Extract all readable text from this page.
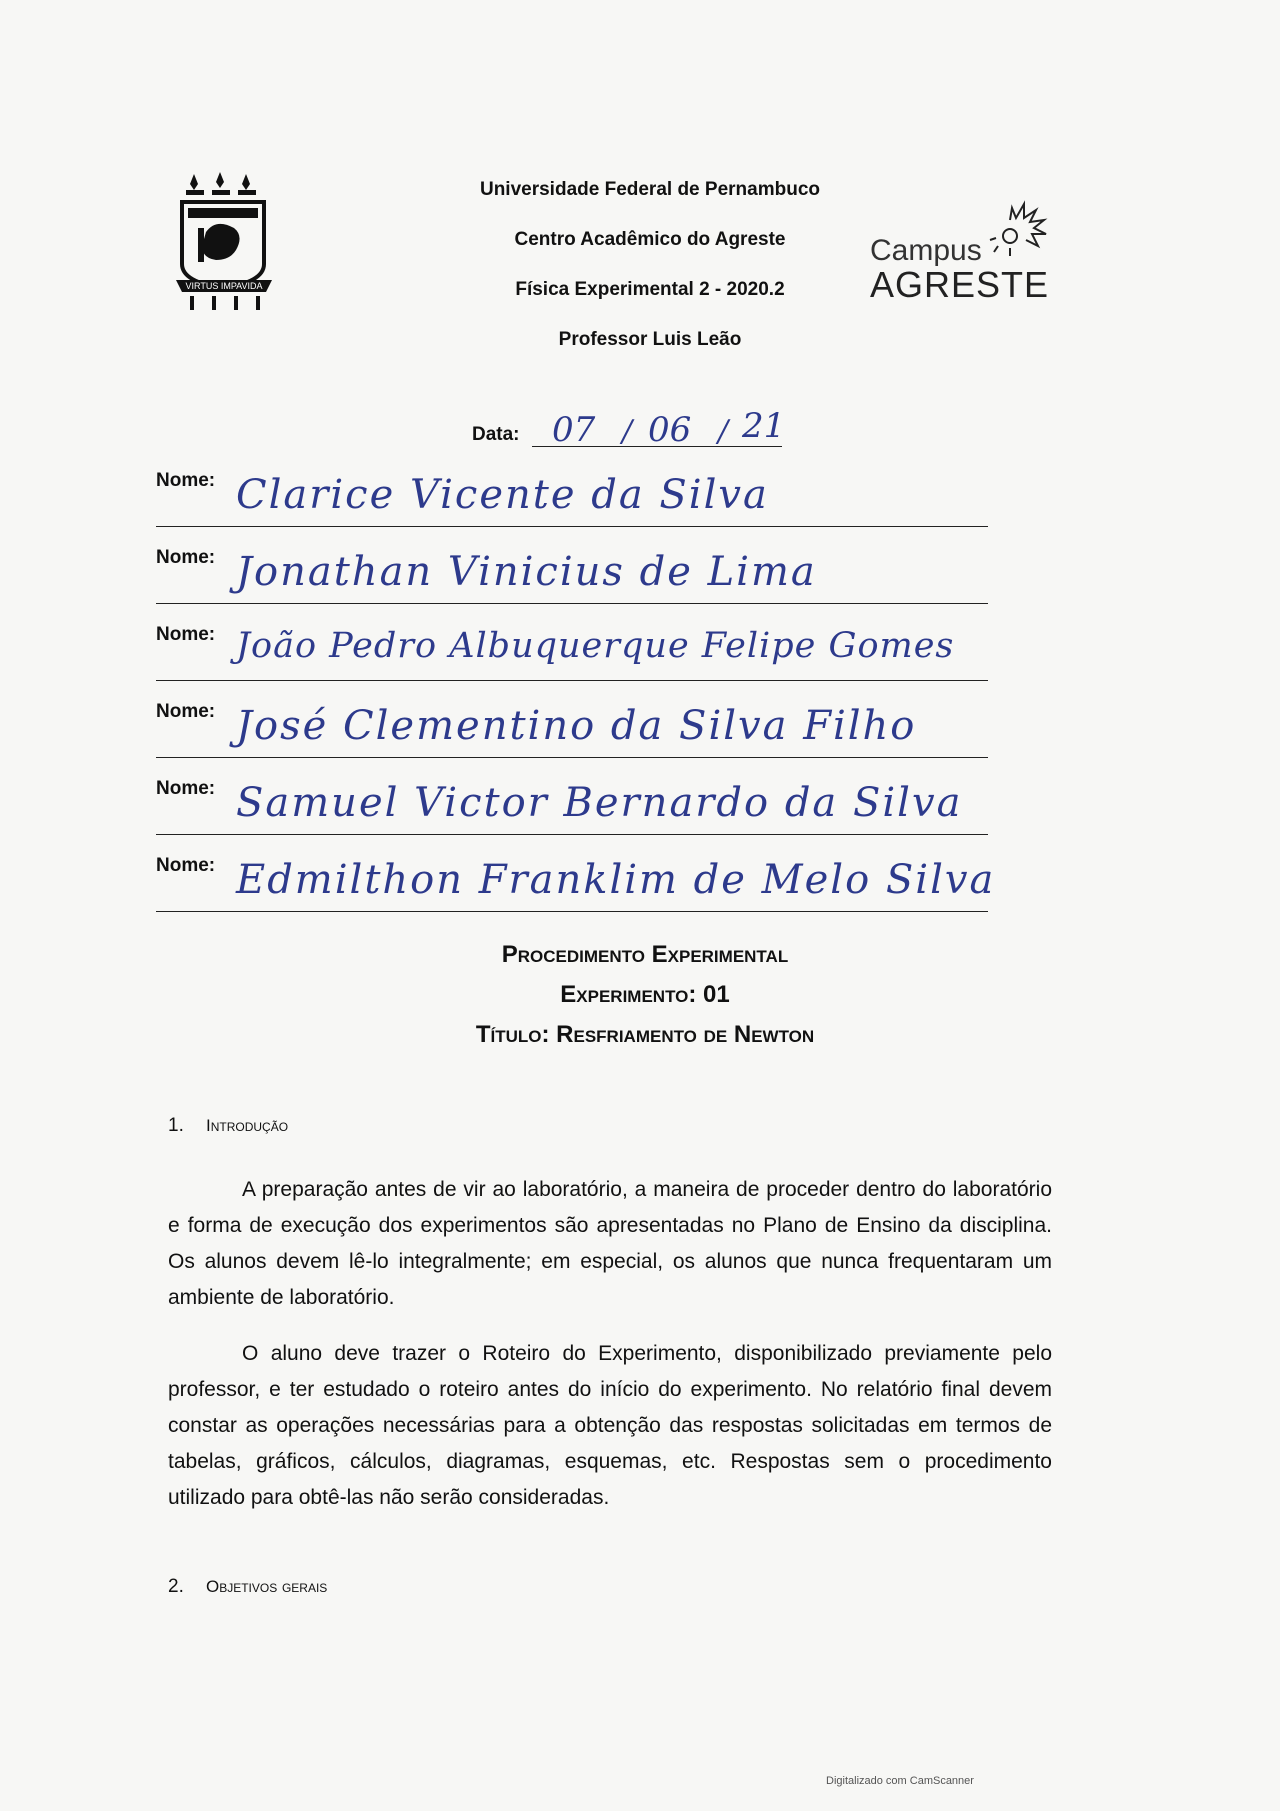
VIRTUS IMPAVIDA
Universidade Federal de Pernambuco
Centro Acadêmico do Agreste
Física Experimental 2 - 2020.2
Professor Luis Leão
Campus
AGRESTE
Data: 07 / 06 / 21
Nome: Clarice Vicente da Silva
Nome: Jonathan Vinicius de Lima
Nome: João Pedro Albuquerque Felipe Gomes
Nome: José Clementino da Silva Filho
Nome: Samuel Victor Bernardo da Silva
Nome: Edmilthon Franklim de Melo Silva
Procedimento Experimental
Experimento: 01
Título: Resfriamento de Newton
1. Introdução
A preparação antes de vir ao laboratório, a maneira de proceder dentro do laboratório e forma de execução dos experimentos são apresentadas no Plano de Ensino da disciplina. Os alunos devem lê-lo integralmente; em especial, os alunos que nunca frequentaram um ambiente de laboratório.
O aluno deve trazer o Roteiro do Experimento, disponibilizado previamente pelo professor, e ter estudado o roteiro antes do início do experimento. No relatório final devem constar as operações necessárias para a obtenção das respostas solicitadas em termos de tabelas, gráficos, cálculos, diagramas, esquemas, etc. Respostas sem o procedimento utilizado para obtê-las não serão consideradas.
2. Objetivos gerais
Digitalizado com CamScanner
